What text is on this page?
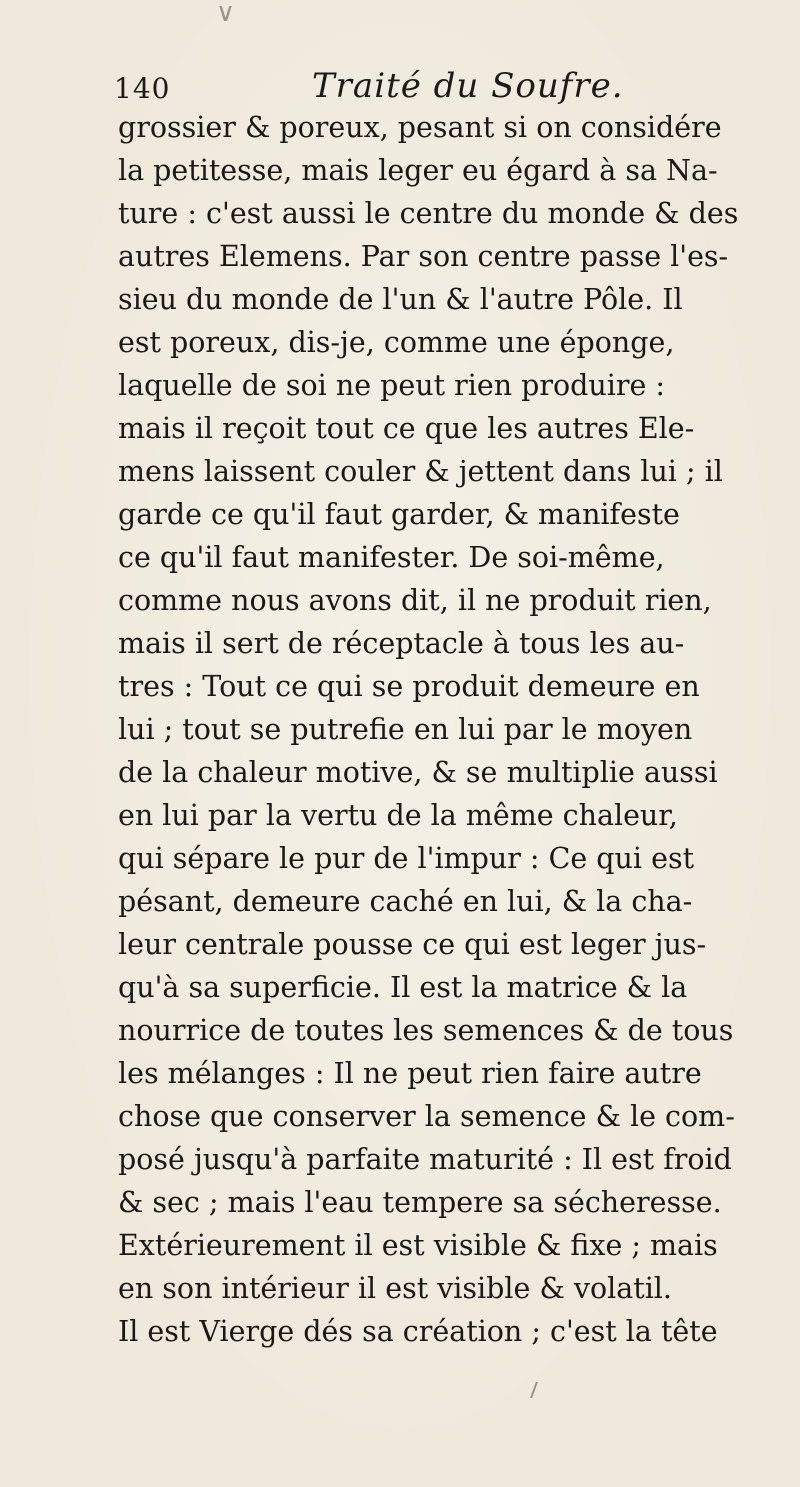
∨
140	Traité du Soufre.
grossier & poreux, pesant si on considére
la petitesse, mais leger eu égard à sa Na-
ture : c'est aussi le centre du monde & des
autres Elemens. Par son centre passe l'es-
sieu du monde de l'un & l'autre Pôle. Il
est poreux, dis-je, comme une éponge,
laquelle de soi ne peut rien produire :
mais il reçoit tout ce que les autres Ele-
mens laissent couler & jettent dans lui ; il
garde ce qu'il faut garder, & manifeste
ce qu'il faut manifester. De soi-même,
comme nous avons dit, il ne produit rien,
mais il sert de réceptacle à tous les au-
tres : Tout ce qui se produit demeure en
lui ; tout se putrefie en lui par le moyen
de la chaleur motive, & se multiplie aussi
en lui par la vertu de la même chaleur,
qui sépare le pur de l'impur : Ce qui est
pésant, demeure caché en lui, & la cha-
leur centrale pousse ce qui est leger jus-
qu'à sa superficie. Il est la matrice & la
nourrice de toutes les semences & de tous
les mélanges : Il ne peut rien faire autre
chose que conserver la semence & le com-
posé jusqu'à parfaite maturité : Il est froid
& sec ; mais l'eau tempere sa sécheresse.
Extérieurement il est visible & fixe ; mais
en son intérieur il est visible & volatil.
Il est Vierge dés sa création ; c'est la tête
